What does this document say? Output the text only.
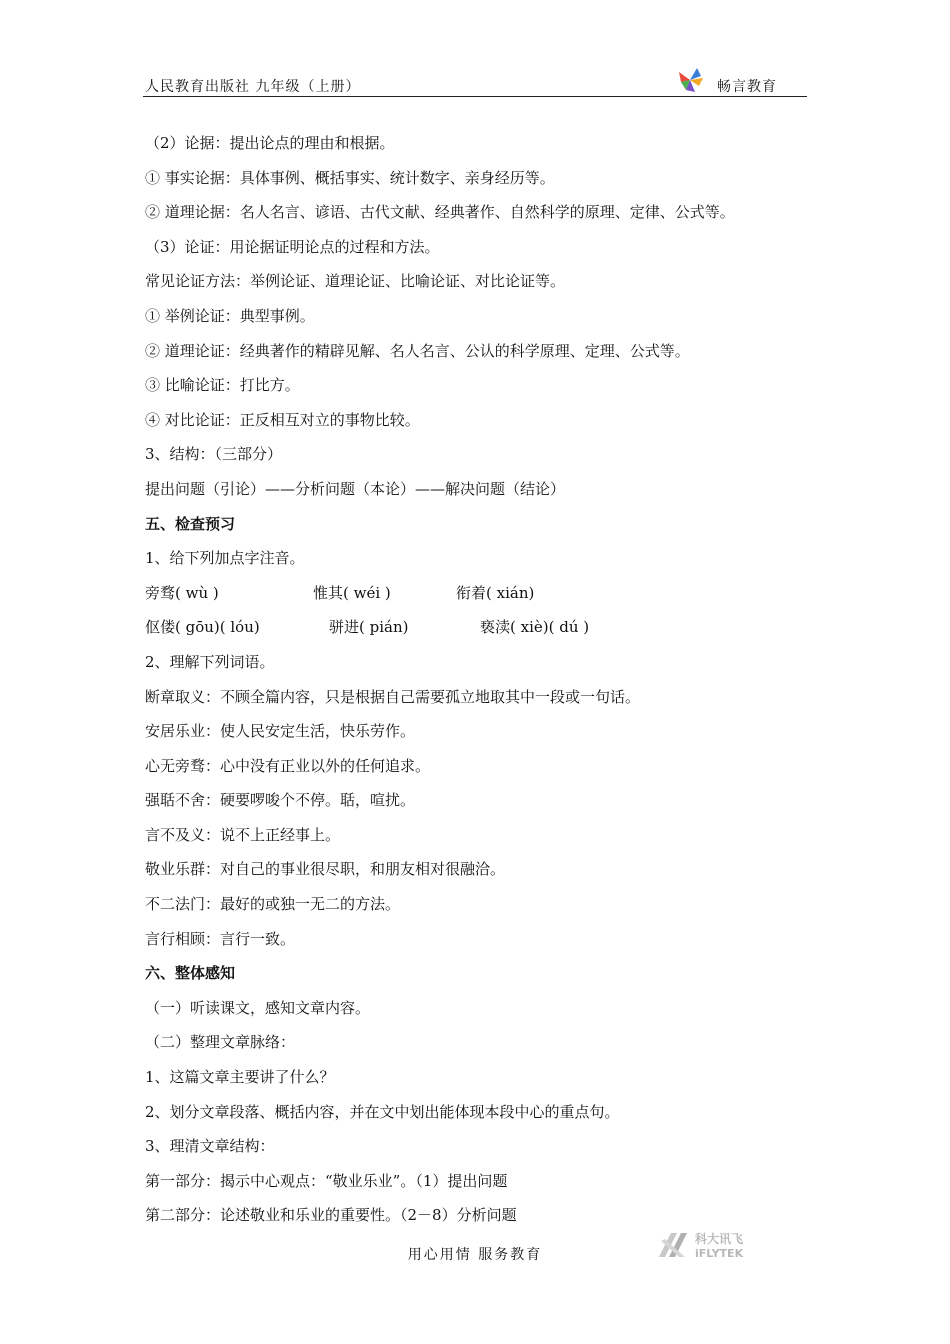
人民教育出版社 九年级（上册）	畅言教育
（2）论据：提出论点的理由和根据。
① 事实论据：具体事例、概括事实、统计数字、亲身经历等。
② 道理论据：名人名言、谚语、古代文献、经典著作、自然科学的原理、定律、公式等。
（3）论证：用论据证明论点的过程和方法。
常见论证方法：举例论证、道理论证、比喻论证、对比论证等。
① 举例论证：典型事例。
② 道理论证：经典著作的精辟见解、名人名言、公认的科学原理、定理、公式等。
③ 比喻论证：打比方。
④ 对比论证：正反相互对立的事物比较。
3、结构：（三部分）
提出问题（引论）——分析问题（本论）——解决问题（结论）
五、检查预习
1、给下列加点字注音。
旁骛( wù )	惟其( wéi )	衔着( xián)
伛偻( gōu)( lóu)	骈进( pián)	亵渎( xiè)( dú )
2、理解下列词语。
断章取义：不顾全篇内容，只是根据自己需要孤立地取其中一段或一句话。
安居乐业：使人民安定生活，快乐劳作。
心无旁骛：心中没有正业以外的任何追求。
强聒不舍：硬要啰唆个不停。聒，喧扰。
言不及义：说不上正经事上。
敬业乐群：对自己的事业很尽职，和朋友相对很融洽。
不二法门：最好的或独一无二的方法。
言行相顾：言行一致。
六、整体感知
（一）听读课文，感知文章内容。
（二）整理文章脉络：
1、这篇文章主要讲了什么？
2、划分文章段落、概括内容，并在文中划出能体现本段中心的重点句。
3、理清文章结构：
第一部分：揭示中心观点：“敬业乐业”。（1）提出问题
第二部分：论述敬业和乐业的重要性。（2－8）分析问题
用心用情 服务教育
科大讯飞
iFLYTEK
